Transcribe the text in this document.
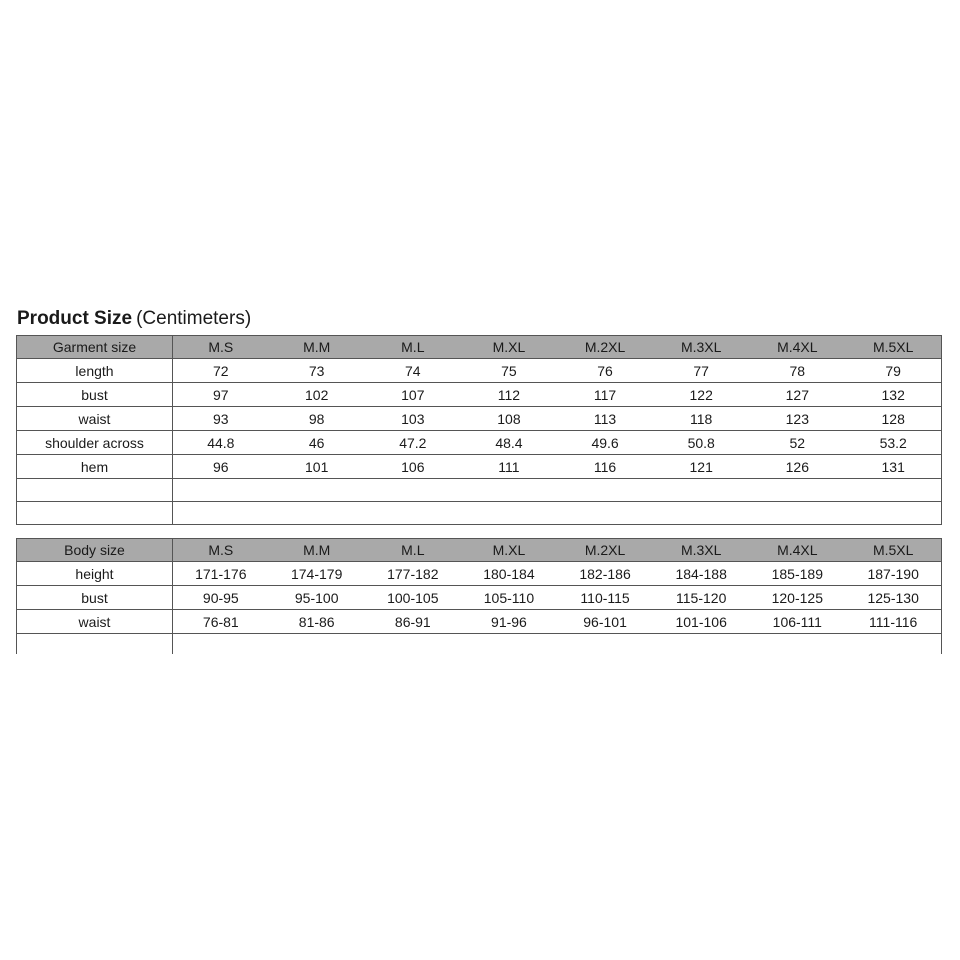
Product Size (Centimeters)
Garment size	M.S	M.M	M.L	M.XL	M.2XL	M.3XL	M.4XL	M.5XL
length	72	73	74	75	76	77	78	79
bust	97	102	107	112	117	122	127	132
waist	93	98	103	108	113	118	123	128
shoulder across	44.8	46	47.2	48.4	49.6	50.8	52	53.2
hem	96	101	106	111	116	121	126	131

Body size	M.S	M.M	M.L	M.XL	M.2XL	M.3XL	M.4XL	M.5XL
height	171-176	174-179	177-182	180-184	182-186	184-188	185-189	187-190
bust	90-95	95-100	100-105	105-110	110-115	115-120	120-125	125-130
waist	76-81	81-86	86-91	91-96	96-101	101-106	106-111	111-116
